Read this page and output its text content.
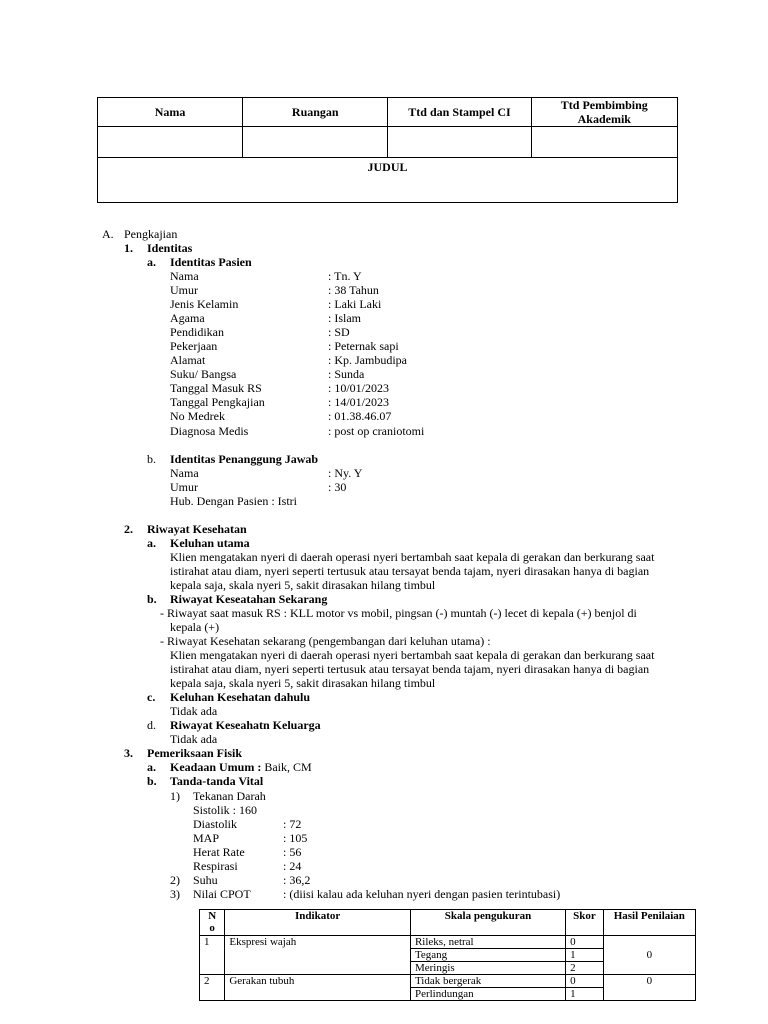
Nama	Ruangan	Ttd dan Stampel CI	Ttd Pembimbing
Akademik

JUDUL			
A. Pengkajian
1. Identitas
a. Identitas Pasien
Nama	: Tn. Y
Umur	: 38 Tahun
Jenis Kelamin	: Laki Laki
Agama	: Islam
Pendidikan	: SD
Pekerjaan	: Peternak sapi
Alamat	: Kp. Jambudipa
Suku/ Bangsa	: Sunda
Tanggal Masuk RS	: 10/01/2023
Tanggal Pengkajian	: 14/01/2023
No Medrek	: 01.38.46.07
Diagnosa Medis	: post op craniotomi
b. Identitas Penanggung Jawab
Nama	: Ny. Y
Umur	: 30
Hub. Dengan Pasien : Istri
2. Riwayat Kesehatan
a. Keluhan utama
Klien mengatakan nyeri di daerah operasi nyeri bertambah saat kepala di gerakan dan berkurang saat
istirahat atau diam, nyeri seperti tertusuk atau tersayat benda tajam, nyeri dirasakan hanya di bagian
kepala saja, skala nyeri 5, sakit dirasakan hilang timbul
b. Riwayat Keseatahan Sekarang
- Riwayat saat masuk RS : KLL motor vs mobil, pingsan (-) muntah (-) lecet di kepala (+) benjol di
kepala (+)
- Riwayat Kesehatan sekarang (pengembangan dari keluhan utama) :
Klien mengatakan nyeri di daerah operasi nyeri bertambah saat kepala di gerakan dan berkurang saat
istirahat atau diam, nyeri seperti tertusuk atau tersayat benda tajam, nyeri dirasakan hanya di bagian
kepala saja, skala nyeri 5, sakit dirasakan hilang timbul
c. Keluhan Kesehatan dahulu
Tidak ada
d. Riwayat Keseahatn Keluarga
Tidak ada
3. Pemeriksaan Fisik
a. Keadaan Umum : Baik, CM
b. Tanda-tanda Vital
1) Tekanan Darah
Sistolik : 160
Diastolik	: 72
MAP	: 105
Herat Rate	: 56
Respirasi	: 24
2) Suhu	: 36,2
3) Nilai CPOT	: (diisi kalau ada keluhan nyeri dengan pasien terintubasi)
N
o	Indikator	Skala pengukuran	Skor	Hasil Penilaian
1	Ekspresi wajah	Rileks, netral	0	0
		Tegang	1	
		Meringis	2	
2	Gerakan tubuh	Tidak bergerak	0	0
		Perlindungan	1	
